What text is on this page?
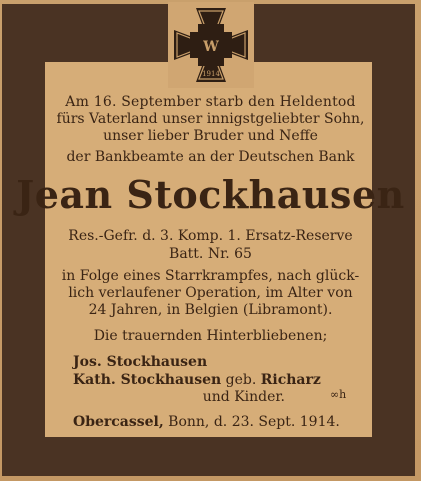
W
1914
Am 16. September starb den Heldentod
fürs Vaterland unser innigstgeliebter Sohn,
unser lieber Bruder und Neffe
der Bankbeamte an der Deutschen Bank
Jean Stockhausen
Res.-Gefr. d. 3. Komp. 1. Ersatz-Reserve
Batt. Nr. 65
in Folge eines Starrkrampfes, nach glück-
lich verlaufener Operation, im Alter von
24 Jahren, in Belgien (Libramont).
Die trauernden Hinterbliebenen;
Jos. Stockhausen
Kath. Stockhausen geb. Richarz
und Kinder.	∞h
Obercassel, Bonn, d. 23. Sept. 1914.
